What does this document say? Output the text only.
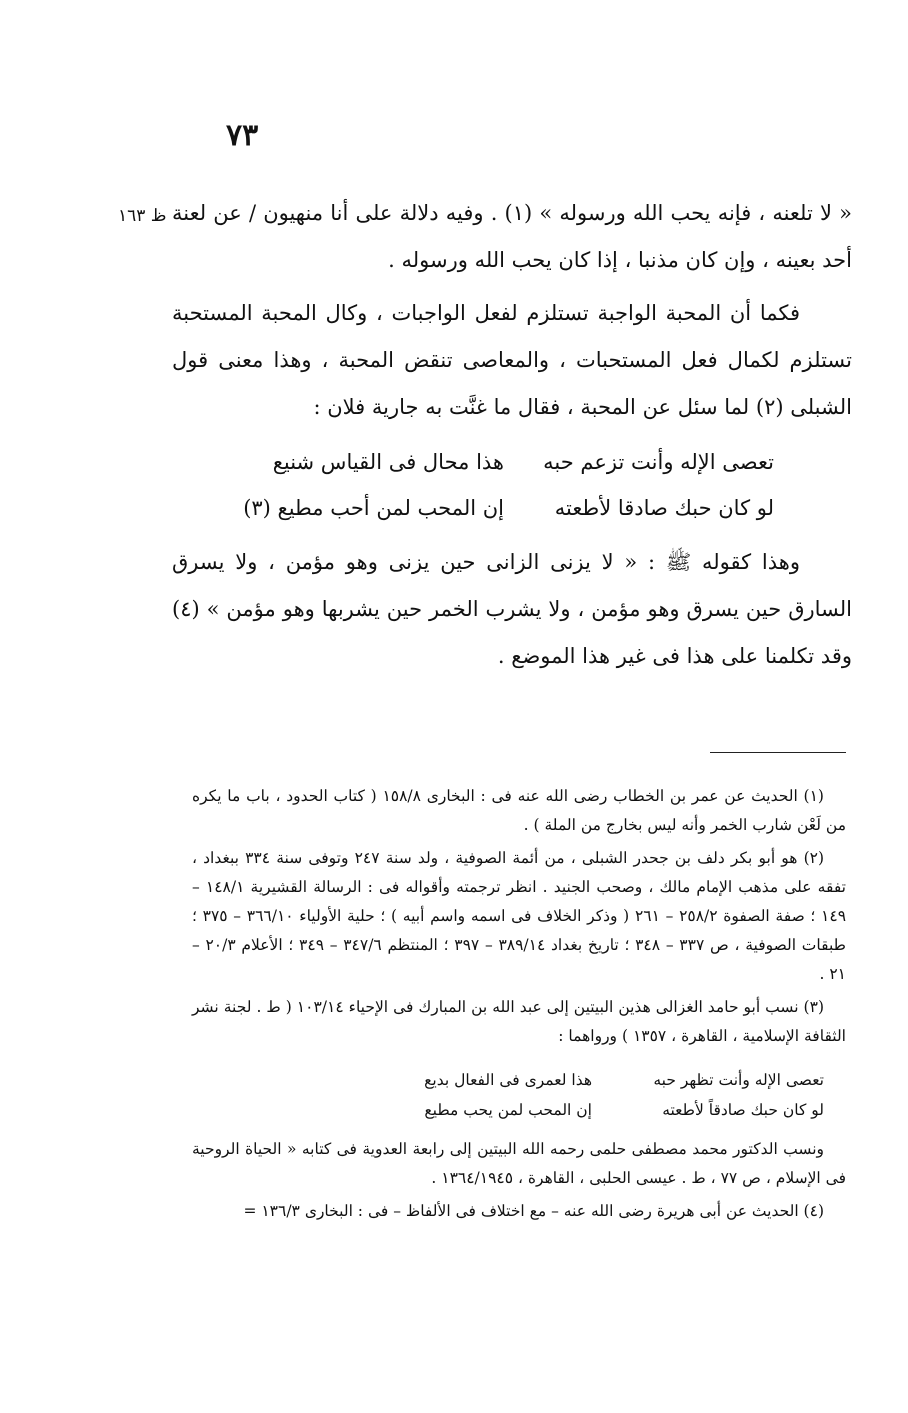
٧٣
ظ ١٦٣ « لا تلعنه ، فإنه يحب الله ورسوله » (١) . وفيه دلالة على أنا منهيون / عن لعنة أحد بعينه ، وإن كان مذنبا ، إذا كان يحب الله ورسوله .

فكما أن المحبة الواجبة تستلزم لفعل الواجبات ، وكال المحبة المستحبة تستلزم لكمال فعل المستحبات ، والمعاصى تنقض المحبة ، وهذا معنى قول الشبلى (٢) لما سئل عن المحبة ، فقال ما غنَّت به جارية فلان :

تعصى الإله وأنت تزعم حبه
هذا محال فى القياس شنيع
لو كان حبك صادقا لأطعته
إن المحب لمن أحب مطيع (٣)

وهذا كقوله ﷺ : « لا يزنى الزانى حين يزنى وهو مؤمن ، ولا يسرق السارق حين يسرق وهو مؤمن ، ولا يشرب الخمر حين يشربها وهو مؤمن » (٤) وقد تكلمنا على هذا فى غير هذا الموضع .

(١) الحديث عن عمر بن الخطاب رضى الله عنه فى : البخارى ١٥٨/٨ ( كتاب الحدود ، باب ما يكره من لَعْن شارب الخمر وأنه ليس بخارج من الملة ) .

(٢) هو أبو بكر دلف بن جحدر الشبلى ، من أئمة الصوفية ، ولد سنة ٢٤٧ وتوفى سنة ٣٣٤ ببغداد ، تفقه على مذهب الإمام مالك ، وصحب الجنيد . انظر ترجمته وأقواله فى : الرسالة القشيرية ١٤٨/١ – ١٤٩ ؛ صفة الصفوة ٢٥٨/٢ – ٢٦١ ( وذكر الخلاف فى اسمه واسم أبيه ) ؛ حلية الأولياء ٣٦٦/١٠ – ٣٧٥ ؛ طبقات الصوفية ، ص ٣٣٧ – ٣٤٨ ؛ تاريخ بغداد ٣٨٩/١٤ – ٣٩٧ ؛ المنتظم ٣٤٧/٦ – ٣٤٩ ؛ الأعلام ٢٠/٣ – ٢١ .

(٣) نسب أبو حامد الغزالى هذين البيتين إلى عبد الله بن المبارك فى الإحياء ١٠٣/١٤ ( ط . لجنة نشر الثقافة الإسلامية ، القاهرة ، ١٣٥٧ ) ورواهما :

تعصى الإله وأنت تظهر حبه
هذا لعمرى فى الفعال بديع
لو كان حبك صادقاً لأطعته
إن المحب لمن يحب مطيع

ونسب الدكتور محمد مصطفى حلمى رحمه الله البيتين إلى رابعة العدوية فى كتابه « الحياة الروحية فى الإسلام ، ص ٧٧ ، ط . عيسى الحلبى ، القاهرة ، ١٣٦٤/١٩٤٥ .

(٤) الحديث عن أبى هريرة رضى الله عنه – مع اختلاف فى الألفاظ – فى : البخارى ١٣٦/٣ =
